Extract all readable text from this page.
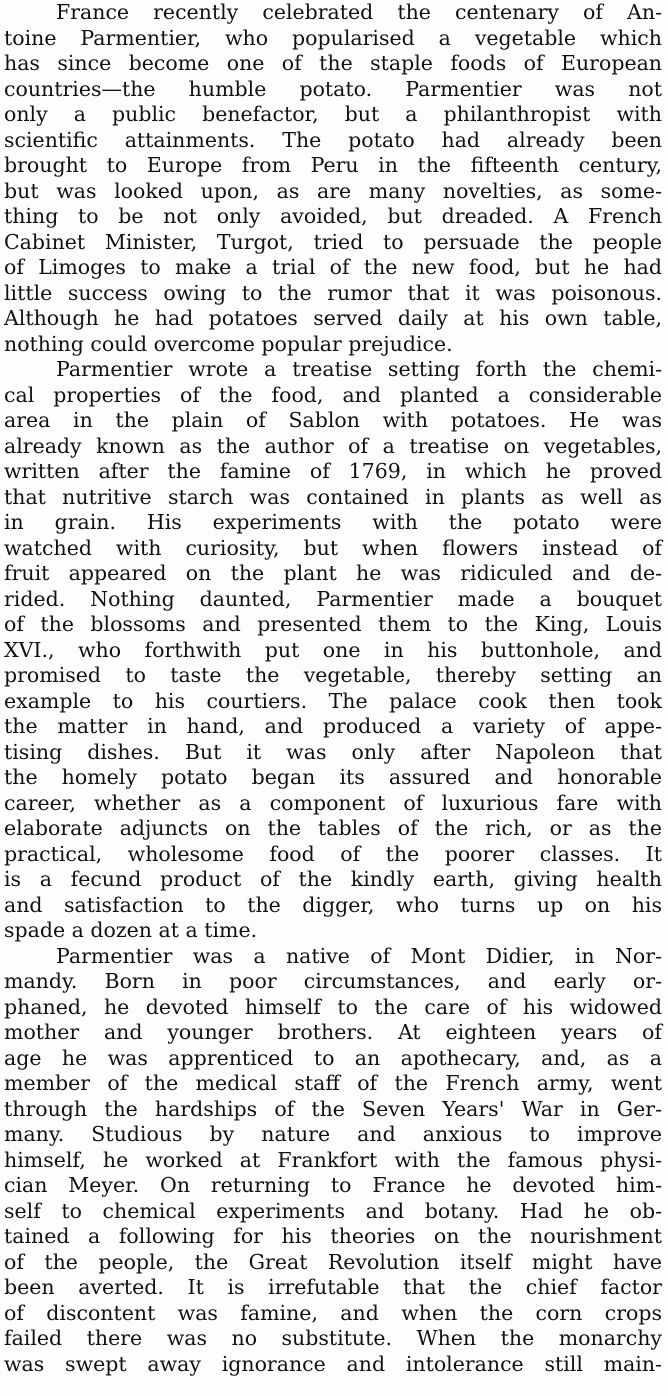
France recently celebrated the centenary of An-
toine Parmentier, who popularised a vegetable which
has since become one of the staple foods of European
countries—the humble potato. Parmentier was not
only a public benefactor, but a philanthropist with
scientific attainments. The potato had already been
brought to Europe from Peru in the fifteenth century,
but was looked upon, as are many novelties, as some-
thing to be not only avoided, but dreaded. A French
Cabinet Minister, Turgot, tried to persuade the people
of Limoges to make a trial of the new food, but he had
little success owing to the rumor that it was poisonous.
Although he had potatoes served daily at his own table,
nothing could overcome popular prejudice.
Parmentier wrote a treatise setting forth the chemi-
cal properties of the food, and planted a considerable
area in the plain of Sablon with potatoes. He was
already known as the author of a treatise on vegetables,
written after the famine of 1769, in which he proved
that nutritive starch was contained in plants as well as
in grain. His experiments with the potato were
watched with curiosity, but when flowers instead of
fruit appeared on the plant he was ridiculed and de-
rided. Nothing daunted, Parmentier made a bouquet
of the blossoms and presented them to the King, Louis
XVI., who forthwith put one in his buttonhole, and
promised to taste the vegetable, thereby setting an
example to his courtiers. The palace cook then took
the matter in hand, and produced a variety of appe-
tising dishes. But it was only after Napoleon that
the homely potato began its assured and honorable
career, whether as a component of luxurious fare with
elaborate adjuncts on the tables of the rich, or as the
practical, wholesome food of the poorer classes. It
is a fecund product of the kindly earth, giving health
and satisfaction to the digger, who turns up on his
spade a dozen at a time.
Parmentier was a native of Mont Didier, in Nor-
mandy. Born in poor circumstances, and early or-
phaned, he devoted himself to the care of his widowed
mother and younger brothers. At eighteen years of
age he was apprenticed to an apothecary, and, as a
member of the medical staff of the French army, went
through the hardships of the Seven Years' War in Ger-
many. Studious by nature and anxious to improve
himself, he worked at Frankfort with the famous physi-
cian Meyer. On returning to France he devoted him-
self to chemical experiments and botany. Had he ob-
tained a following for his theories on the nourishment
of the people, the Great Revolution itself might have
been averted. It is irrefutable that the chief factor
of discontent was famine, and when the corn crops
failed there was no substitute. When the monarchy
was swept away ignorance and intolerance still main-
